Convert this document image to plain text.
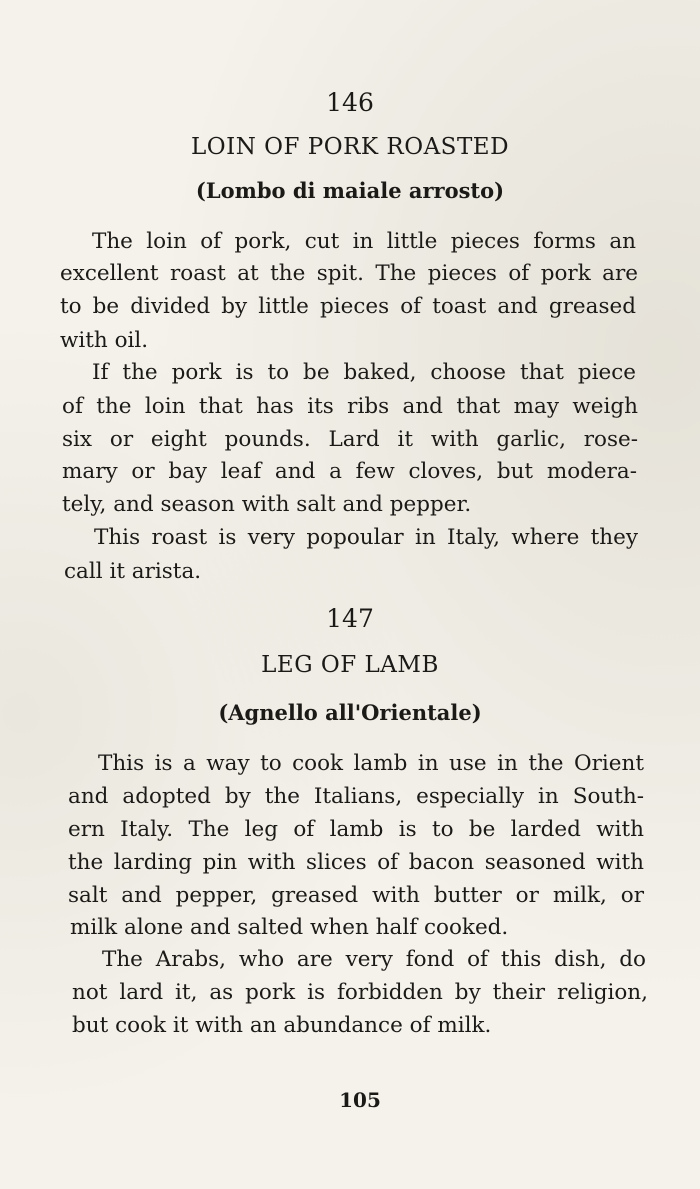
146
LOIN OF PORK ROASTED
(Lombo di maiale arrosto)
The loin of pork, cut in little pieces forms an
excellent roast at the spit. The pieces of pork are
to be divided by little pieces of toast and greased
with oil.
If the pork is to be baked, choose that piece
of the loin that has its ribs and that may weigh
six or eight pounds. Lard it with garlic, rose-
mary or bay leaf and a few cloves, but modera-
tely, and season with salt and pepper.
This roast is very popoular in Italy, where they
call it arista.
147
LEG OF LAMB
(Agnello all'Orientale)
This is a way to cook lamb in use in the Orient
and adopted by the Italians, especially in South-
ern Italy. The leg of lamb is to be larded with
the larding pin with slices of bacon seasoned with
salt and pepper, greased with butter or milk, or
milk alone and salted when half cooked.
The Arabs, who are very fond of this dish, do
not lard it, as pork is forbidden by their religion,
but cook it with an abundance of milk.
105
